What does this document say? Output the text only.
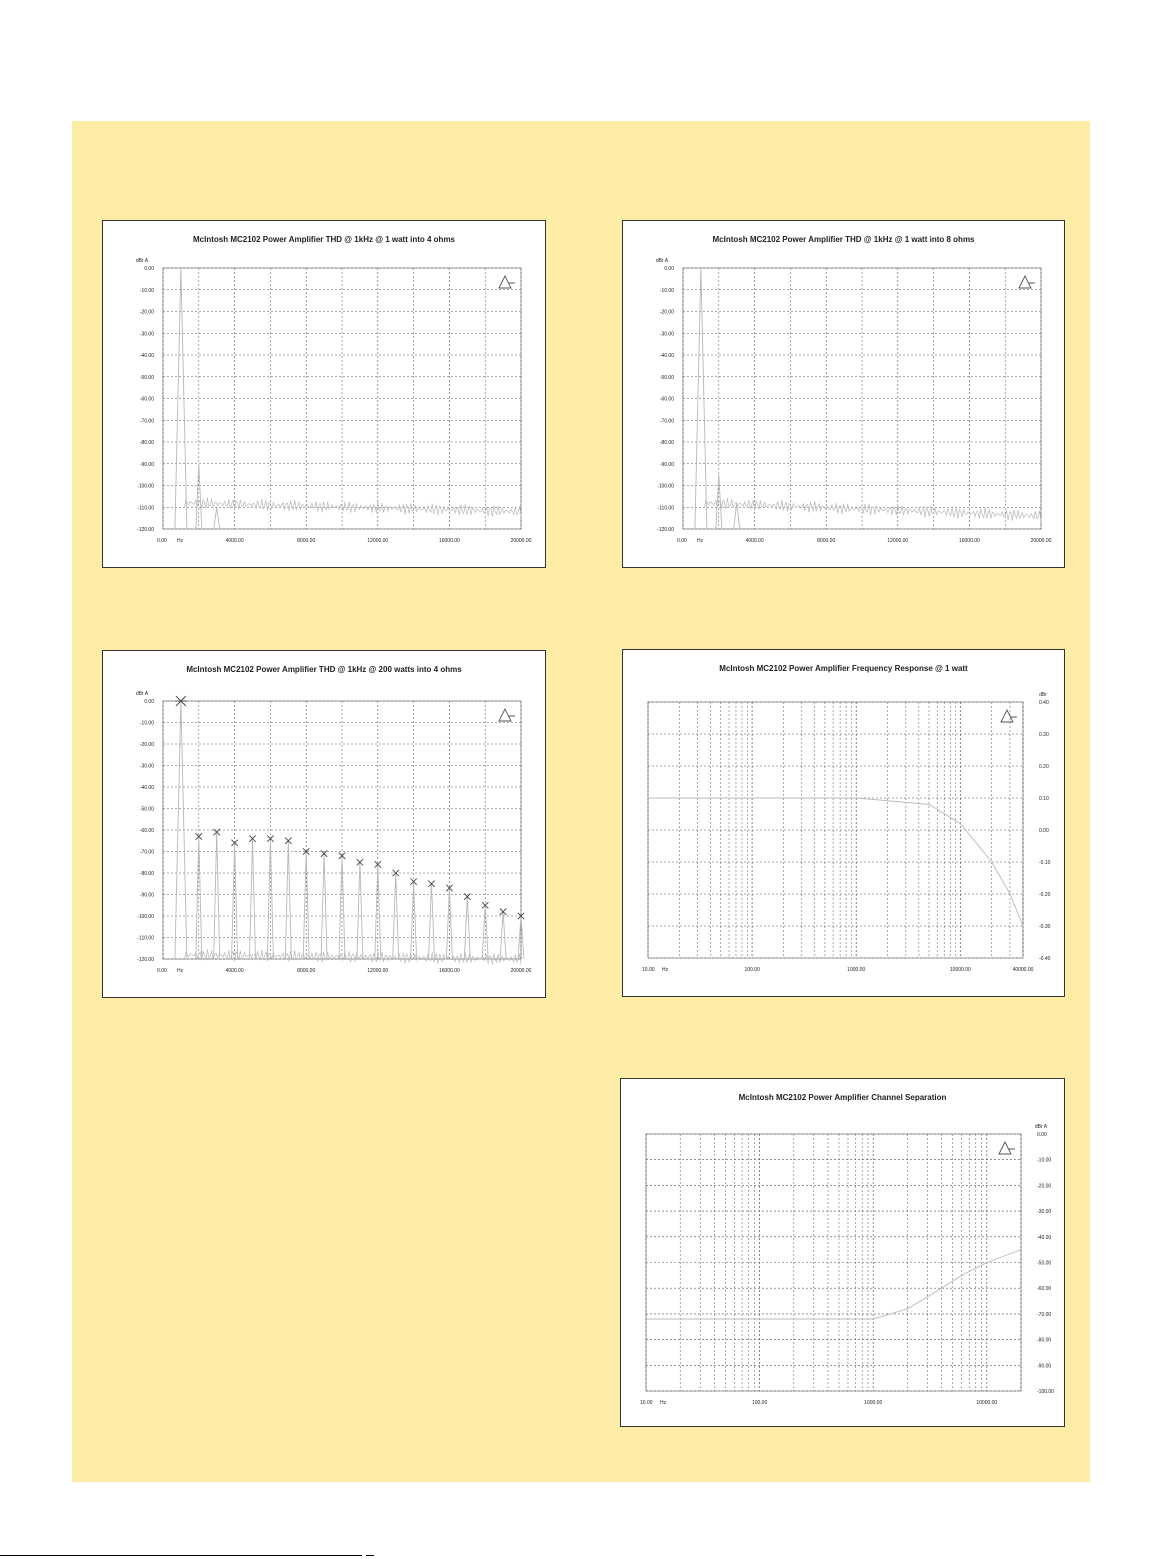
McIntosh MC2102 Power Amplifier THD @ 1kHz @ 1 watt into 4 ohms
0.00
-10.00
-20.00
-30.00
-40.00
-50.00
-60.00
-70.00
-80.00
-90.00
-100.00
-110.00
-120.00
dBr A
0.00	4000.00	8000.00	12000.00	16000.00	20000.00
Hz
McIntosh MC2102 Power Amplifier THD @ 1kHz @ 1 watt into 8 ohms
0.00
-10.00
-20.00
-30.00
-40.00
-50.00
-60.00
-70.00
-80.00
-90.00
-100.00
-110.00
-120.00
dBr A
0.00	4000.00	8000.00	12000.00	16000.00	20000.00
Hz
McIntosh MC2102 Power Amplifier THD @ 1kHz @ 200 watts into 4 ohms
0.00
-10.00
-20.00
-30.00
-40.00
-50.00
-60.00
-70.00
-80.00
-90.00
-100.00
-110.00
-120.00
dBr A
0.00	4000.00	8000.00	12000.00	16000.00	20000.00
Hz
McIntosh MC2102 Power Amplifier Frequency Response @ 1 watt
0.40
0.30
0.20
0.10
0.00
-0.10
-0.20
-0.30
-0.40
dBr
10.00	100.00	1000.00	10000.00	40000.00
Hz
McIntosh MC2102 Power Amplifier Channel Separation
0.00
-10.00
-20.00
-30.00
-40.00
-50.00
-60.00
-70.00
-80.00
-90.00
-100.00
dBr A
10.00	100.00	1000.00	10000.00
Hz
